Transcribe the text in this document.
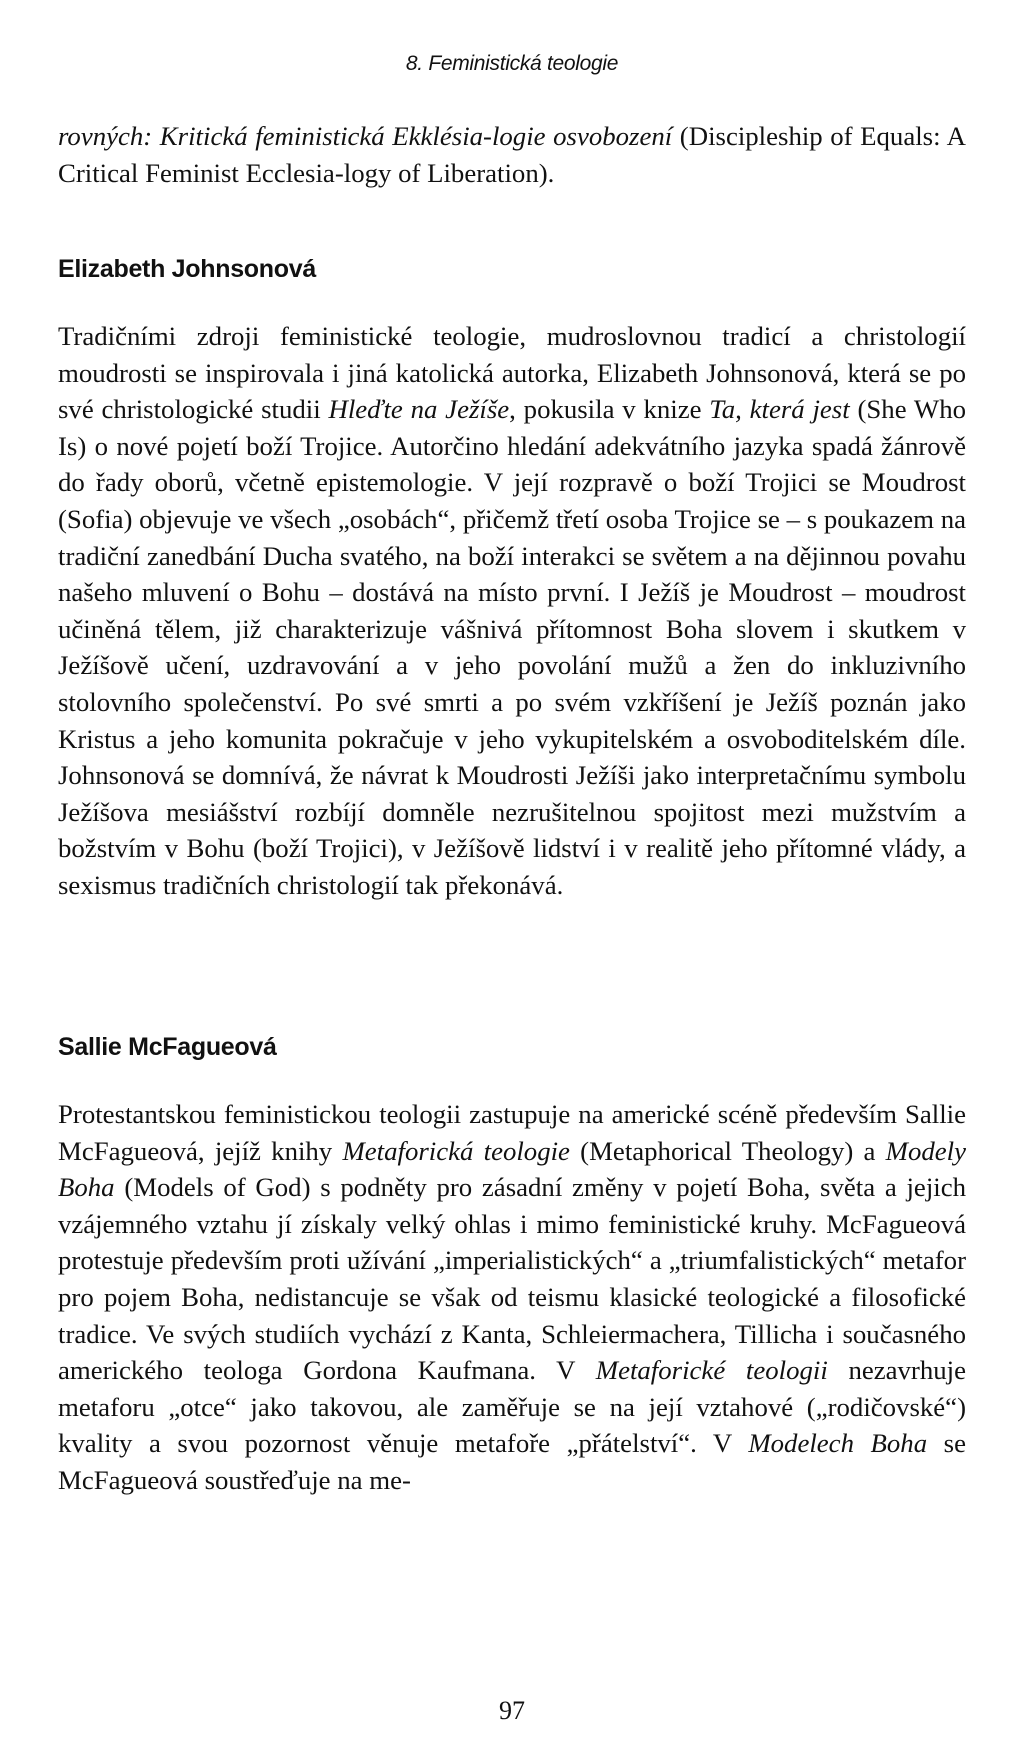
8. Feministická teologie

rovných: Kritická feministická Ekklésia-logie osvobození (Discipleship of Equals: A Critical Feminist Ecclesia-logy of Liberation).

Elizabeth Johnsonová

Tradičními zdroji feministické teologie, mudroslovnou tradicí a christologií moudrosti se inspirovala i jiná katolická autorka, Elizabeth Johnsonová, která se po své christologické studii Hleďte na Ježíše, pokusila v knize Ta, která jest (She Who Is) o nové pojetí boží Trojice. Autorčino hledání adekvátního jazyka spadá žánrově do řady oborů, včetně epistemologie. V její rozpravě o boží Trojici se Moudrost (Sofia) objevuje ve všech „osobách“, přičemž třetí osoba Trojice se – s poukazem na tradiční zanedbání Ducha svatého, na boží interakci se světem a na dějinnou povahu našeho mluvení o Bohu – dostává na místo první. I Ježíš je Moudrost – moudrost učiněná tělem, již charakterizuje vášnivá přítomnost Boha slovem i skutkem v Ježíšově učení, uzdravování a v jeho povolání mužů a žen do inkluzivního stolovního společenství. Po své smrti a po svém vzkříšení je Ježíš poznán jako Kristus a jeho komunita pokračuje v jeho vykupitelském a osvoboditelském díle. Johnsonová se domnívá, že návrat k Moudrosti Ježíši jako interpretačnímu symbolu Ježíšova mesiášství rozbíjí domněle nezrušitelnou spojitost mezi mužstvím a božstvím v Bohu (boží Trojici), v Ježíšově lidství i v realitě jeho přítomné vlády, a sexismus tradičních christologií tak překonává.

Sallie McFagueová

Protestantskou feministickou teologii zastupuje na americké scéně především Sallie McFagueová, jejíž knihy Metaforická teologie (Metaphorical Theology) a Modely Boha (Models of God) s podněty pro zásadní změny v pojetí Boha, světa a jejich vzájemného vztahu jí získaly velký ohlas i mimo feministické kruhy. McFagueová protestuje především proti užívání „imperialistických“ a „triumfalistických“ metafor pro pojem Boha, nedistancuje se však od teismu klasické teologické a filosofické tradice. Ve svých studiích vychází z Kanta, Schleiermachera, Tillicha i současného amerického teologa Gordona Kaufmana. V Metaforické teologii nezavrhuje metaforu „otce“ jako takovou, ale zaměřuje se na její vztahové („rodičovské“) kvality a svou pozornost věnuje metafoře „přátelství“. V Modelech Boha se McFagueová soustřeďuje na me-

97
